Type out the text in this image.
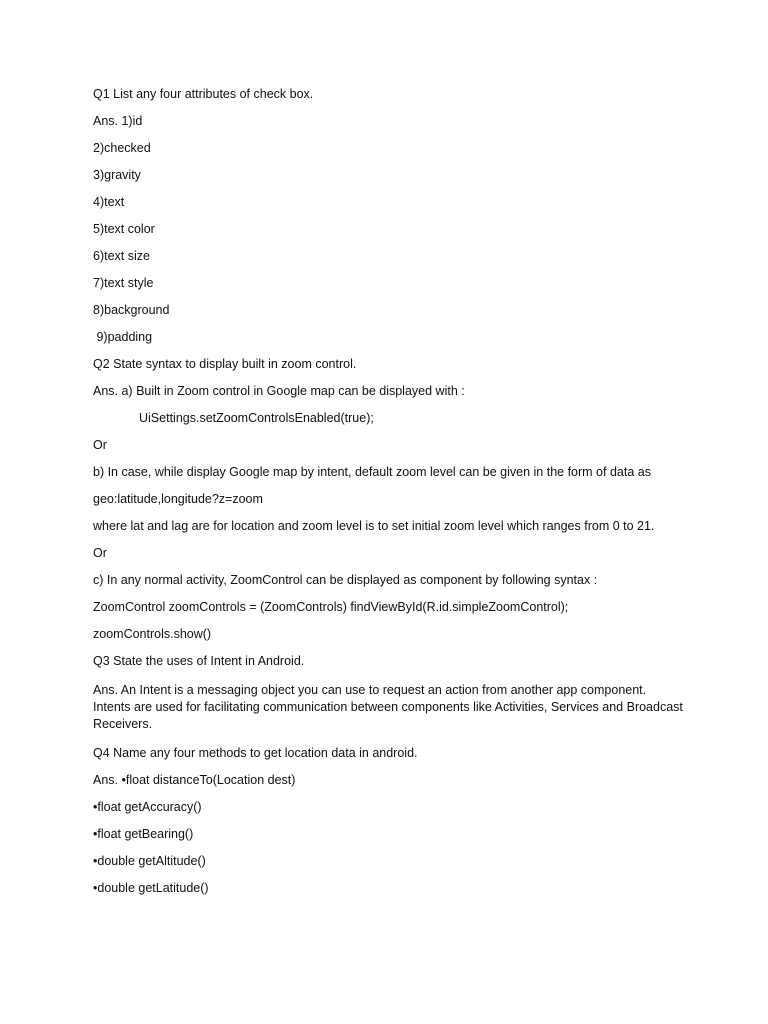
Q1 List any four attributes of check box.

Ans. 1)id

2)checked

3)gravity

4)text

5)text color

6)text size

7)text style

8)background

9)padding

Q2 State syntax to display built in zoom control.

Ans. a) Built in Zoom control in Google map can be displayed with :

UiSettings.setZoomControlsEnabled(true);

Or

b) In case, while display Google map by intent, default zoom level can be given in the form of data as

geo:latitude,longitude?z=zoom

where lat and lag are for location and zoom level is to set initial zoom level which ranges from 0 to 21.

Or

c) In any normal activity, ZoomControl can be displayed as component by following syntax :

ZoomControl zoomControls = (ZoomControls) findViewById(R.id.simpleZoomControl);

zoomControls.show()

Q3 State the uses of Intent in Android.

Ans. An Intent is a messaging object you can use to request an action from another app component. Intents are used for facilitating communication between components like Activities, Services and Broadcast Receivers.

Q4 Name any four methods to get location data in android.

Ans. •float distanceTo(Location dest)

•float getAccuracy()

•float getBearing()

•double getAltitude()

•double getLatitude()
